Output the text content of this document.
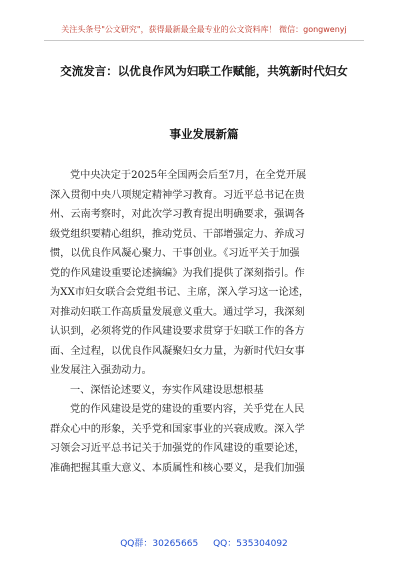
关注头条号"公文研究"，获得最新最全最专业的公文资料库！ 微信：gongwenyj
交流发言：以优良作风为妇联工作赋能，共筑新时代妇女
事业发展新篇
党中央决定于2025年全国两会后至7月，在全党开展
深入贯彻中央八项规定精神学习教育。习近平总书记在贵
州、云南考察时，对此次学习教育提出明确要求，强调各
级党组织要精心组织，推动党员、干部增强定力、养成习
惯，以优良作风凝心聚力、干事创业。《习近平关于加强
党的作风建设重要论述摘编》为我们提供了深刻指引。作
为XX市妇女联合会党组书记、主席，深入学习这一论述，
对推动妇联工作高质量发展意义重大。通过学习，我深刻
认识到，必须将党的作风建设要求贯穿于妇联工作的各方
面、全过程，以优良作风凝聚妇女力量，为新时代妇女事
业发展注入强劲动力。
一、深悟论述要义，夯实作风建设思想根基
党的作风建设是党的建设的重要内容，关乎党在人民
群众心中的形象，关乎党和国家事业的兴衰成败。深入学
习领会习近平总书记关于加强党的作风建设的重要论述，
准确把握其重大意义、本质属性和核心要义，是我们加强
QQ群：30265665 QQ：535304092
